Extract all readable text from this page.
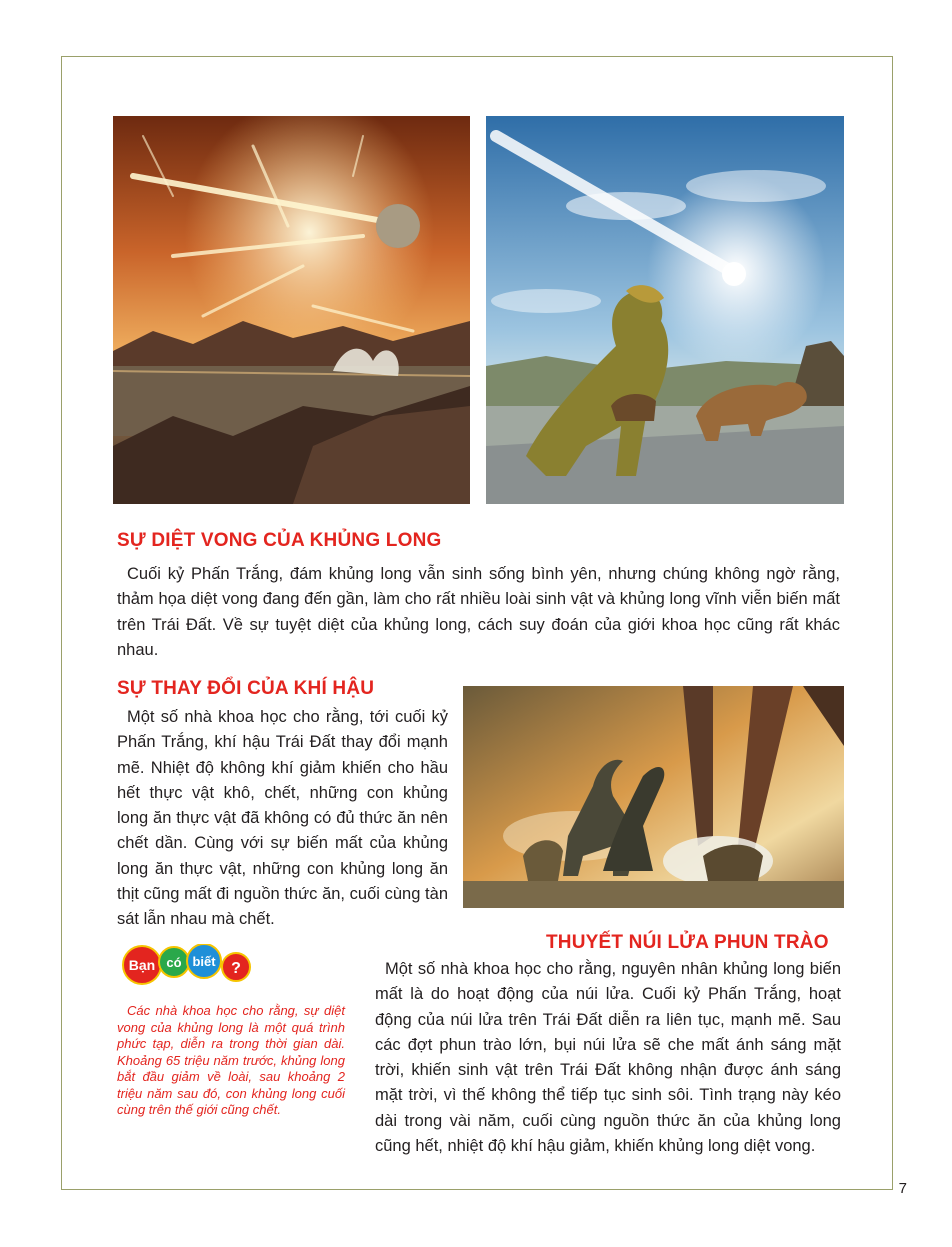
SỰ DIỆT VONG CỦA KHỦNG LONG

Cuối kỷ Phấn Trắng, đám khủng long vẫn sinh sống bình yên, nhưng chúng không ngờ rằng, thảm họa diệt vong đang đến gần, làm cho rất nhiều loài sinh vật và khủng long vĩnh viễn biến mất trên Trái Đất. Về sự tuyệt diệt của khủng long, cách suy đoán của giới khoa học cũng rất khác nhau.

SỰ THAY ĐỔI CỦA KHÍ HẬU

Một số nhà khoa học cho rằng, tới cuối kỷ Phấn Trắng, khí hậu Trái Đất thay đổi mạnh mẽ. Nhiệt độ không khí giảm khiến cho hầu hết thực vật khô, chết, những con khủng long ăn thực vật đã không có đủ thức ăn nên chết dần. Cùng với sự biến mất của khủng long ăn thực vật, những con khủng long ăn thịt cũng mất đi nguồn thức ăn, cuối cùng tàn sát lẫn nhau mà chết.

Bạn có biết ?

Các nhà khoa học cho rằng, sự diệt vong của khủng long là một quá trình phức tạp, diễn ra trong thời gian dài. Khoảng 65 triệu năm trước, khủng long bắt đầu giảm về loài, sau khoảng 2 triệu năm sau đó, con khủng long cuối cùng trên thế giới cũng chết.

THUYẾT NÚI LỬA PHUN TRÀO

Một số nhà khoa học cho rằng, nguyên nhân khủng long biến mất là do hoạt động của núi lửa. Cuối kỷ Phấn Trắng, hoạt động của núi lửa trên Trái Đất diễn ra liên tục, mạnh mẽ. Sau các đợt phun trào lớn, bụi núi lửa sẽ che mất ánh sáng mặt trời, khiến sinh vật trên Trái Đất không nhận được ánh sáng mặt trời, vì thế không thể tiếp tục sinh sôi. Tình trạng này kéo dài trong vài năm, cuối cùng nguồn thức ăn của khủng long cũng hết, nhiệt độ khí hậu giảm, khiến khủng long diệt vong.

7
